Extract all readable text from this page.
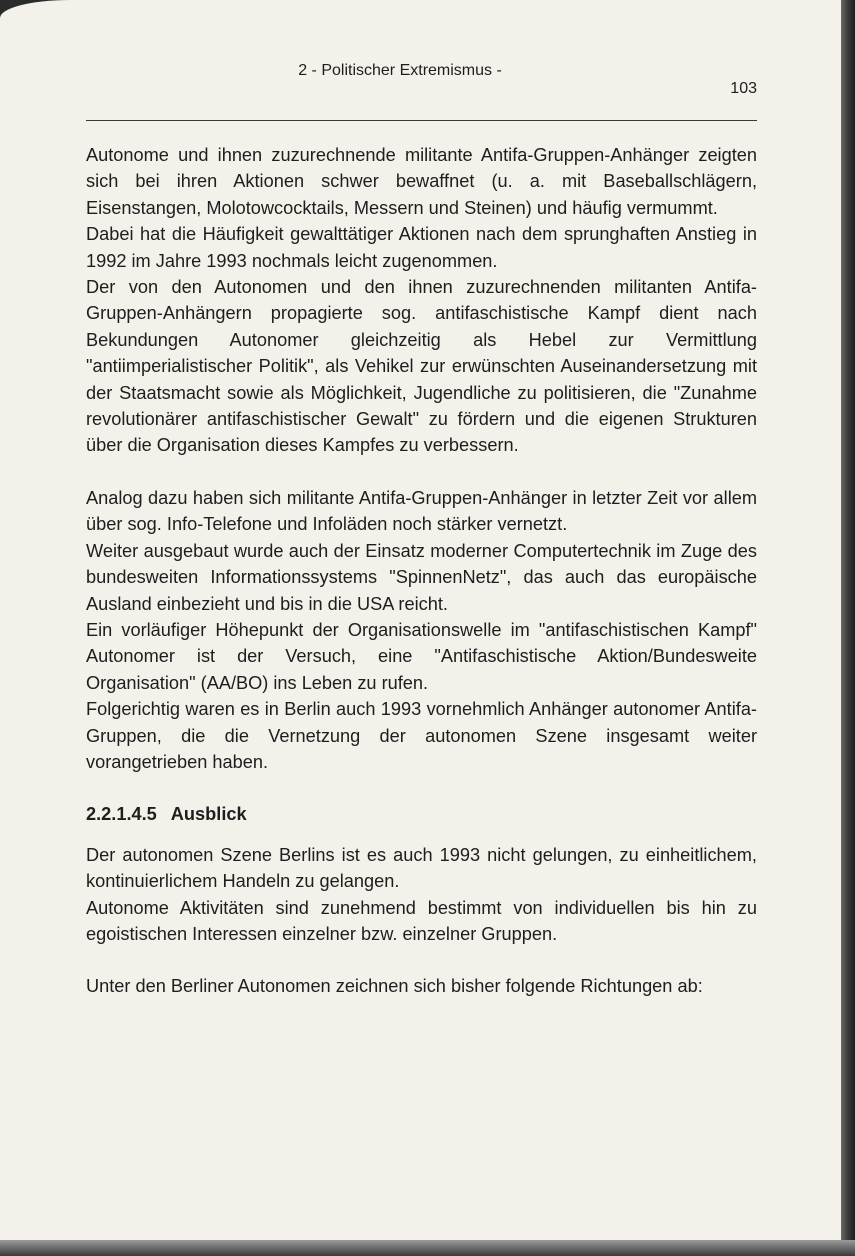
2 - Politischer Extremismus -
103

Autonome und ihnen zuzurechnende militante Antifa-Gruppen-Anhänger zeigten sich bei ihren Aktionen schwer bewaffnet (u. a. mit Baseballschlägern, Eisenstangen, Molotowcocktails, Messern und Steinen) und häufig vermummt.

Dabei hat die Häufigkeit gewalttätiger Aktionen nach dem sprunghaften Anstieg in 1992 im Jahre 1993 nochmals leicht zugenommen.

Der von den Autonomen und den ihnen zuzurechnenden militanten Antifa-Gruppen-Anhängern propagierte sog. antifaschistische Kampf dient nach Bekundungen Autonomer gleichzeitig als Hebel zur Vermittlung "antiimperialistischer Politik", als Vehikel zur erwünschten Auseinandersetzung mit der Staatsmacht sowie als Möglichkeit, Jugendliche zu politisieren, die "Zunahme revolutionärer antifaschistischer Gewalt" zu fördern und die eigenen Strukturen über die Organisation dieses Kampfes zu verbessern.

Analog dazu haben sich militante Antifa-Gruppen-Anhänger in letzter Zeit vor allem über sog. Info-Telefone und Infoläden noch stärker vernetzt.

Weiter ausgebaut wurde auch der Einsatz moderner Computertechnik im Zuge des bundesweiten Informationssystems "SpinnenNetz", das auch das europäische Ausland einbezieht und bis in die USA reicht.

Ein vorläufiger Höhepunkt der Organisationswelle im "antifaschistischen Kampf" Autonomer ist der Versuch, eine "Antifaschistische Aktion/Bundesweite Organisation" (AA/BO) ins Leben zu rufen.

Folgerichtig waren es in Berlin auch 1993 vornehmlich Anhänger autonomer Antifa-Gruppen, die die Vernetzung der autonomen Szene insgesamt weiter vorangetrieben haben.

2.2.1.4.5 Ausblick

Der autonomen Szene Berlins ist es auch 1993 nicht gelungen, zu einheitlichem, kontinuierlichem Handeln zu gelangen.

Autonome Aktivitäten sind zunehmend bestimmt von individuellen bis hin zu egoistischen Interessen einzelner bzw. einzelner Gruppen.

Unter den Berliner Autonomen zeichnen sich bisher folgende Richtungen ab:
